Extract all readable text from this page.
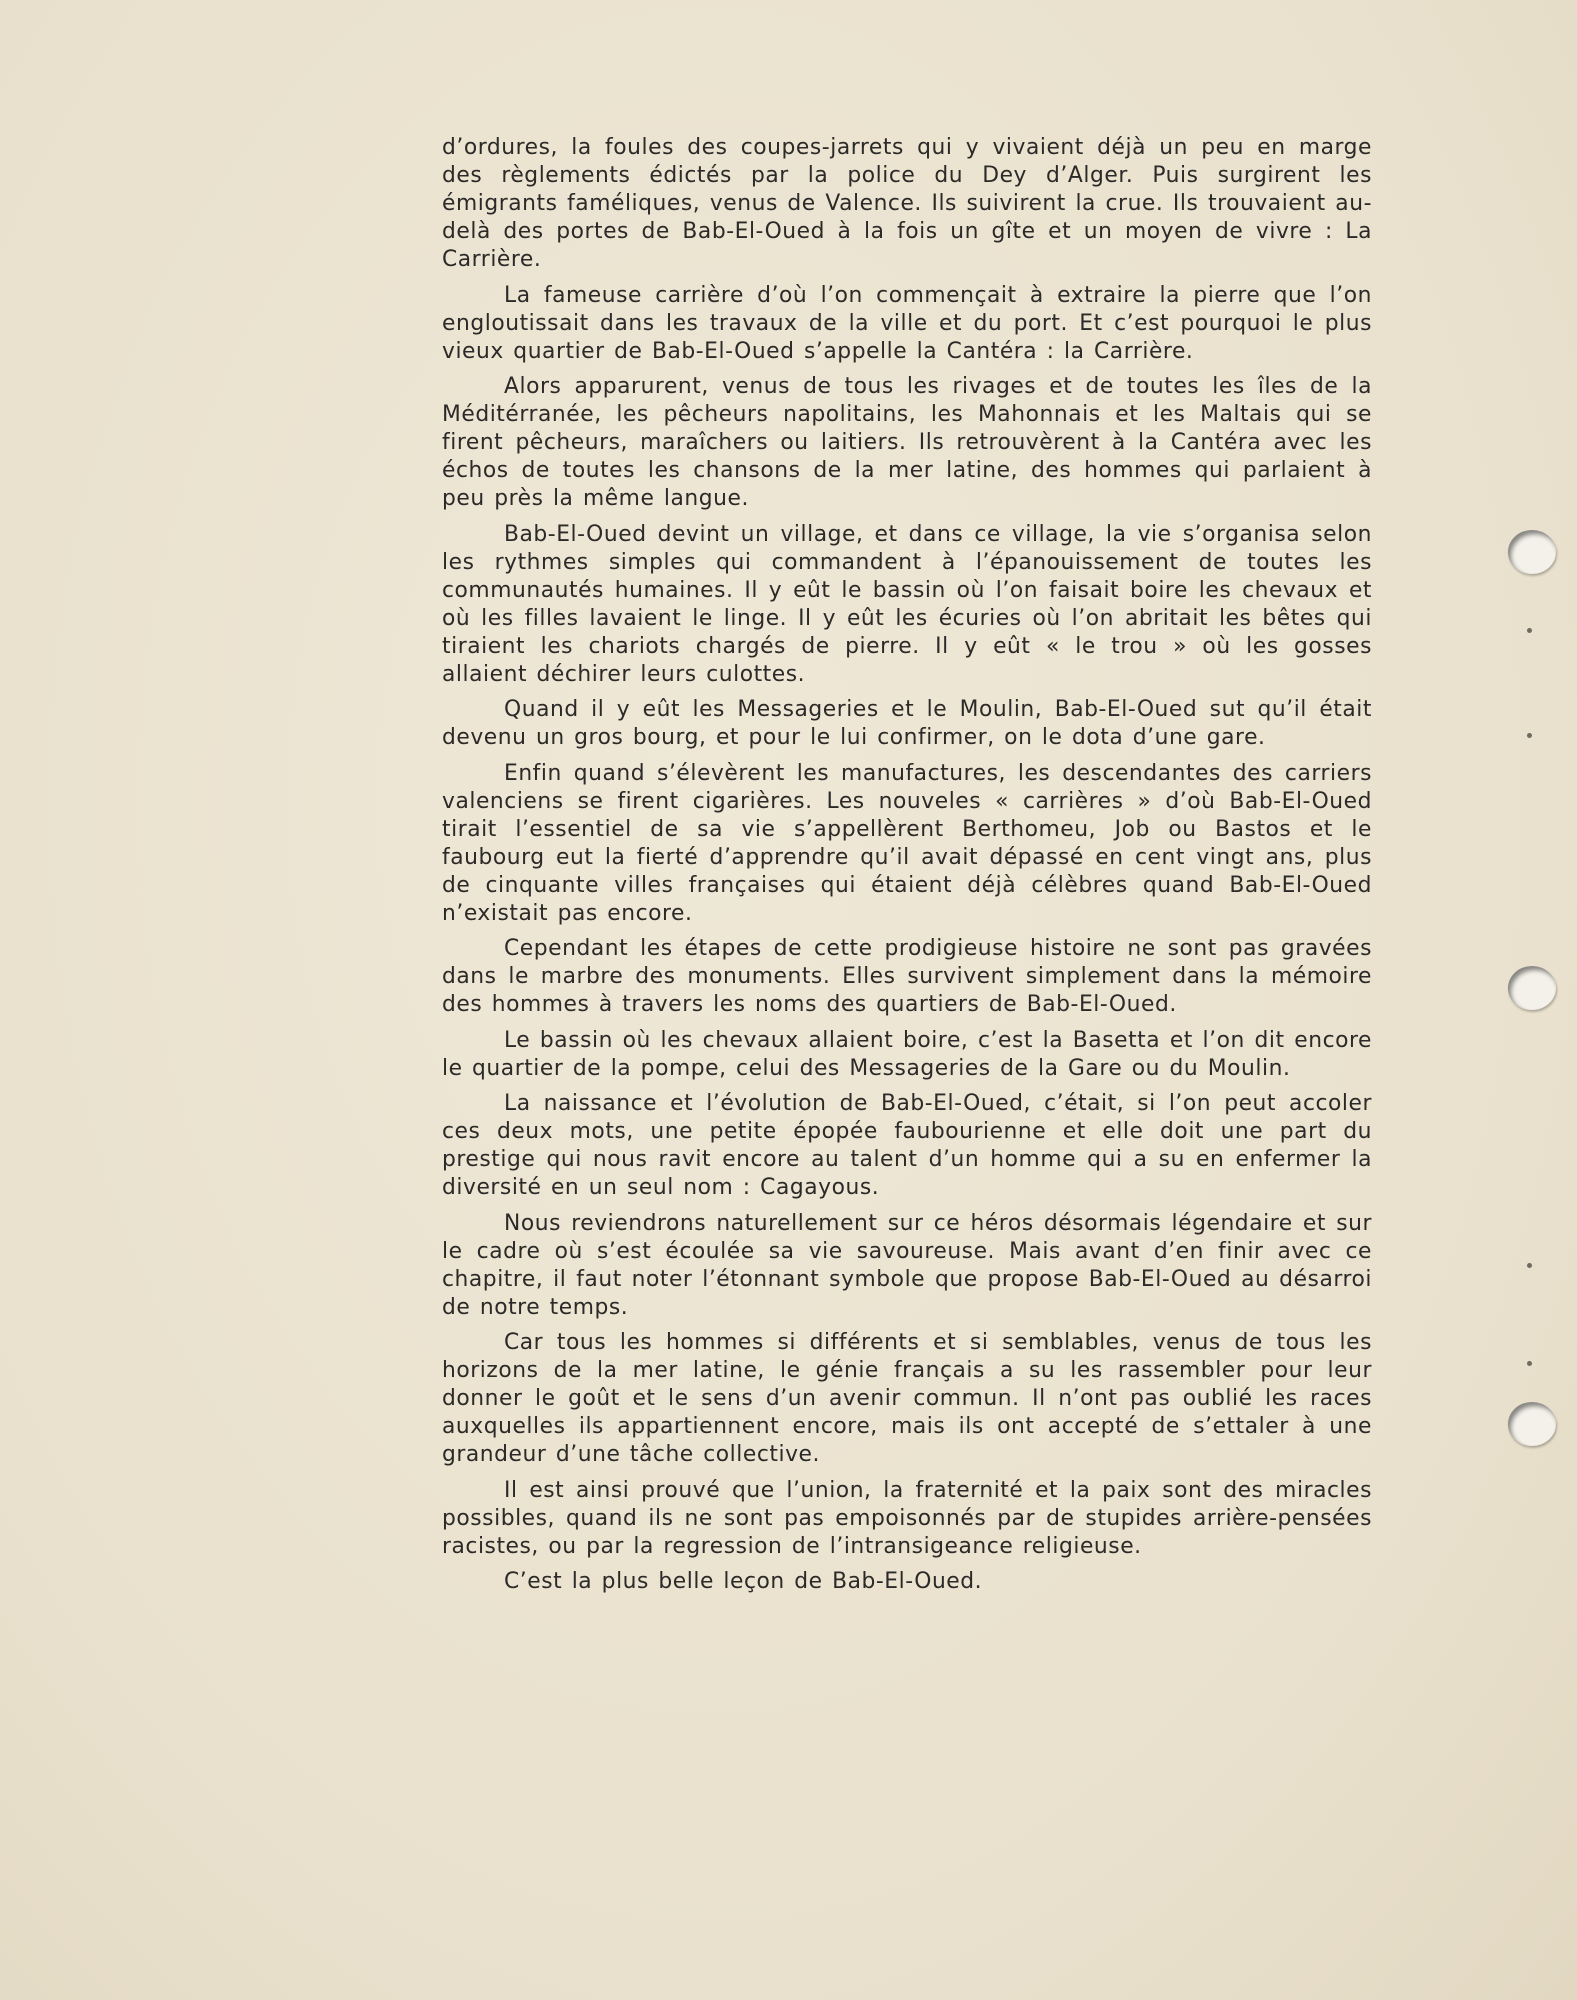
d’ordures, la foules des coupes-jarrets qui y vivaient déjà un peu en marge des règlements édictés par la police du Dey d’Alger. Puis surgirent les émigrants faméliques, venus de Valence. Ils suivirent la crue. Ils trouvaient au-delà des portes de Bab-El-Oued à la fois un gîte et un moyen de vivre : La Carrière.

La fameuse carrière d’où l’on commençait à extraire la pierre que l’on engloutissait dans les travaux de la ville et du port. Et c’est pourquoi le plus vieux quartier de Bab-El-Oued s’appelle la Cantéra : la Carrière.

Alors apparurent, venus de tous les rivages et de toutes les îles de la Méditérranée, les pêcheurs napolitains, les Mahonnais et les Maltais qui se firent pêcheurs, maraîchers ou laitiers. Ils retrouvèrent à la Cantéra avec les échos de toutes les chansons de la mer latine, des hommes qui parlaient à peu près la même langue.

Bab-El-Oued devint un village, et dans ce village, la vie s’organisa selon les rythmes simples qui commandent à l’épanouissement de toutes les communautés humaines. Il y eût le bassin où l’on faisait boire les chevaux et où les filles lavaient le linge. Il y eût les écuries où l’on abritait les bêtes qui tiraient les chariots chargés de pierre. Il y eût « le trou » où les gosses allaient déchirer leurs culottes.

Quand il y eût les Messageries et le Moulin, Bab-El-Oued sut qu’il était devenu un gros bourg, et pour le lui confirmer, on le dota d’une gare.

Enfin quand s’élevèrent les manufactures, les descendantes des carriers valenciens se firent cigarières. Les nouveles « carrières » d’où Bab-El-Oued tirait l’essentiel de sa vie s’appellèrent Berthomeu, Job ou Bastos et le faubourg eut la fierté d’apprendre qu’il avait dépassé en cent vingt ans, plus de cinquante villes françaises qui étaient déjà célèbres quand Bab-El-Oued n’existait pas encore.

Cependant les étapes de cette prodigieuse histoire ne sont pas gravées dans le marbre des monuments. Elles survivent simplement dans la mémoire des hommes à travers les noms des quartiers de Bab-El-Oued.

Le bassin où les chevaux allaient boire, c’est la Basetta et l’on dit encore le quartier de la pompe, celui des Messageries de la Gare ou du Moulin.

La naissance et l’évolution de Bab-El-Oued, c’était, si l’on peut accoler ces deux mots, une petite épopée faubourienne et elle doit une part du prestige qui nous ravit encore au talent d’un homme qui a su en enfermer la diversité en un seul nom : Cagayous.

Nous reviendrons naturellement sur ce héros désormais légendaire et sur le cadre où s’est écoulée sa vie savoureuse. Mais avant d’en finir avec ce chapitre, il faut noter l’étonnant symbole que propose Bab-El-Oued au désarroi de notre temps.

Car tous les hommes si différents et si semblables, venus de tous les horizons de la mer latine, le génie français a su les rassembler pour leur donner le goût et le sens d’un avenir commun. Il n’ont pas oublié les races auxquelles ils appartiennent encore, mais ils ont accepté de s’ettaler à une grandeur d’une tâche collective.

Il est ainsi prouvé que l’union, la fraternité et la paix sont des miracles possibles, quand ils ne sont pas empoisonnés par de stupides arrière-pensées racistes, ou par la regression de l’intransigeance religieuse.

C’est la plus belle leçon de Bab-El-Oued.
